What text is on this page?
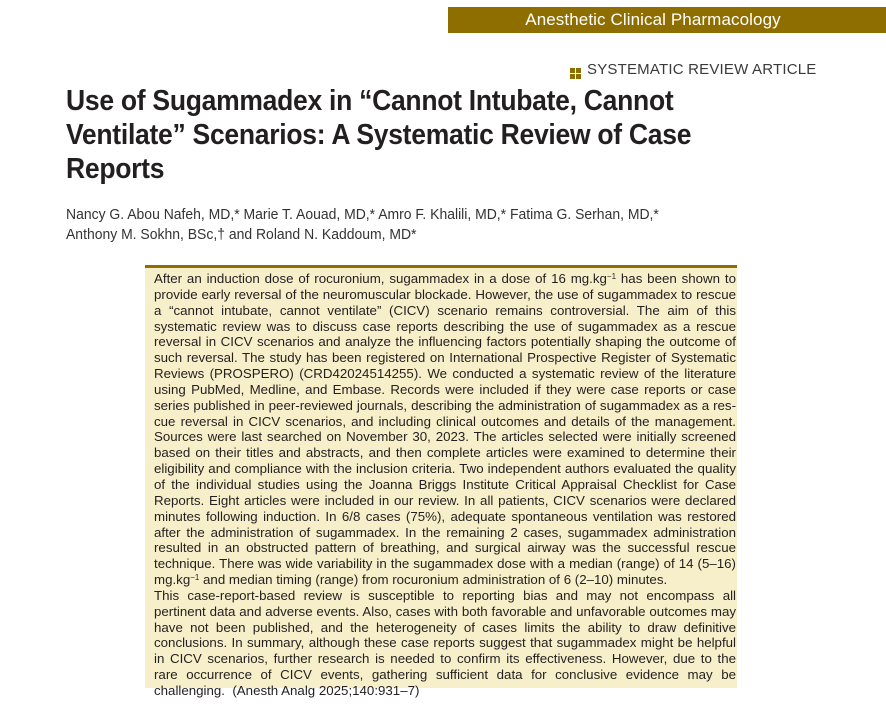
Anesthetic Clinical Pharmacology
SYSTEMATIC REVIEW ARTICLE
Use of Sugammadex in “Cannot Intubate, Cannot Ventilate” Scenarios: A Systematic Review of Case Reports
Nancy G. Abou Nafeh, MD,* Marie T. Aouad, MD,* Amro F. Khalili, MD,* Fatima G. Serhan, MD,*
Anthony M. Sokhn, BSc,† and Roland N. Kaddoum, MD*

After an induction dose of rocuronium, sugammadex in a dose of 16 $mg.kg^{-1}$ has been shown to provide early reversal of the neuromuscular blockade. However, the use of sugammadex to rescue a “cannot intubate, cannot ventilate” (CICV) scenario remains controversial. The aim of this systematic review was to discuss case reports describing the use of sugammadex as a rescue reversal in CICV scenarios and analyze the influencing factors potentially shaping the outcome of such reversal. The study has been registered on International Prospective Register of Systematic Reviews (PROSPERO) (CRD42024514255). We conducted a systematic review of the literature using PubMed, Medline, and Embase. Records were included if they were case reports or case series published in peer-reviewed journals, describing the administration of sugammadex as a rescue reversal in CICV scenarios, and including clinical outcomes and details of the management. Sources were last searched on November 30, 2023. The articles selected were initially screened based on their titles and abstracts, and then complete articles were examined to determine their eligibility and compliance with the inclusion criteria. Two independent authors evaluated the quality of the individual studies using the Joanna Briggs Institute Critical Appraisal Checklist for Case Reports. Eight articles were included in our review. In all patients, CICV scenarios were declared minutes following induction. In 6/8 cases (75%), adequate spontaneous ventilation was restored after the administration of sugammadex. In the remaining 2 cases, sugammadex administration resulted in an obstructed pattern of breathing, and surgical airway was the successful rescue technique. There was wide variability in the sugammadex dose with a median (range) of 14 (5–16) $mg.kg^{-1}$ and median timing (range) from rocuronium administration of 6 (2–10) minutes.

This case-report-based review is susceptible to reporting bias and may not encompass all pertinent data and adverse events. Also, cases with both favorable and unfavorable outcomes may have not been published, and the heterogeneity of cases limits the ability to draw definitive conclusions. In summary, although these case reports suggest that sugammadex might be helpful in CICV scenarios, further research is needed to confirm its effectiveness. However, due to the rare occurrence of CICV events, gathering sufficient data for conclusive evidence may be challenging. (Anesth Analg 2025;140:931–7)
